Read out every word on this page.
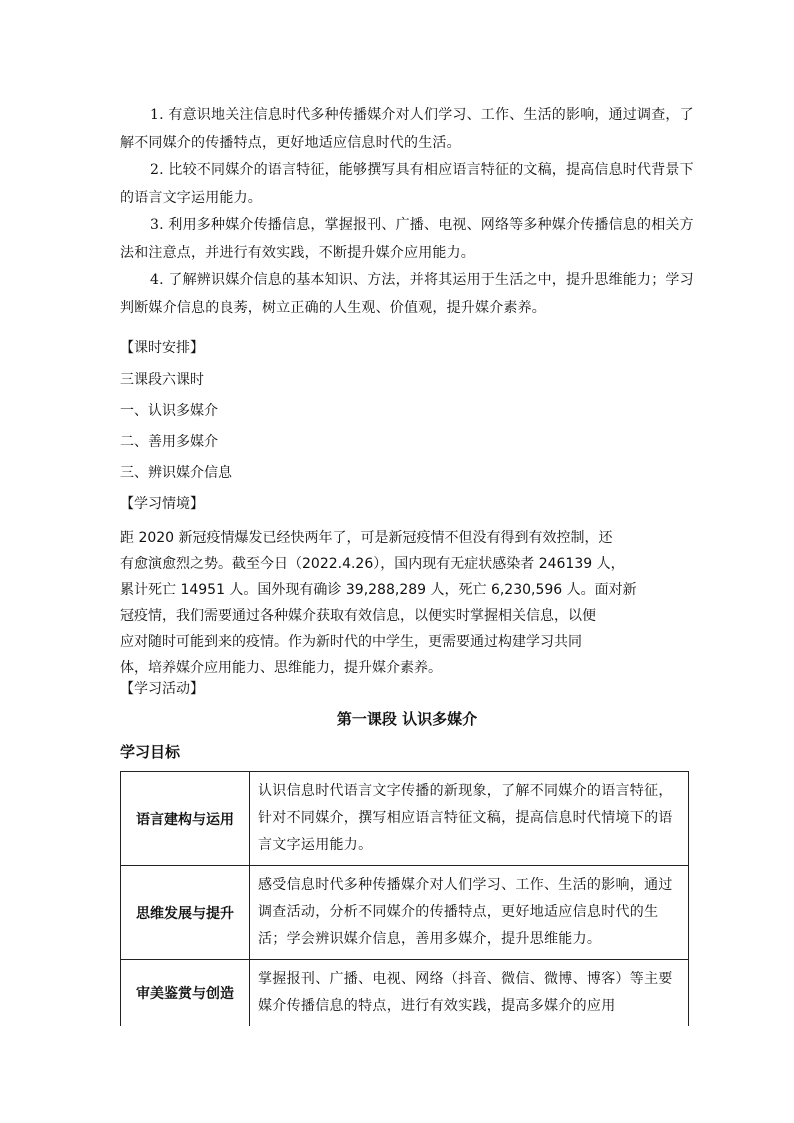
1. 有意识地关注信息时代多种传播媒介对人们学习、工作、生活的影响，通过调查，了解不同媒介的传播特点，更好地适应信息时代的生活。

2. 比较不同媒介的语言特征，能够撰写具有相应语言特征的文稿，提高信息时代背景下的语言文字运用能力。

3. 利用多种媒介传播信息，掌握报刊、广播、电视、网络等多种媒介传播信息的相关方法和注意点，并进行有效实践，不断提升媒介应用能力。

4. 了解辨识媒介信息的基本知识、方法，并将其运用于生活之中，提升思维能力；学习判断媒介信息的良莠，树立正确的人生观、价值观，提升媒介素养。

【课时安排】
三课段六课时
一、认识多媒介
二、善用多媒介
三、辨识媒介信息
【学习情境】
距 2020 新冠疫情爆发已经快两年了，可是新冠疫情不但没有得到有效控制，还
有愈演愈烈之势。截至今日（2022.4.26），国内现有无症状感染者 246139 人，
累计死亡 14951 人。国外现有确诊 39,288,289 人，死亡 6,230,596 人。面对新
冠疫情，我们需要通过各种媒介获取有效信息，以便实时掌握相关信息，以便
应对随时可能到来的疫情。作为新时代的中学生，更需要通过构建学习共同
体，培养媒介应用能力、思维能力，提升媒介素养。
【学习活动】
第一课段 认识多媒介
学习目标
语言建构与运用	认识信息时代语言文字传播的新现象，了解不同媒介的语言特征，针对不同媒介，撰写相应语言特征文稿，提高信息时代情境下的语言文字运用能力。
思维发展与提升	感受信息时代多种传播媒介对人们学习、工作、生活的影响，通过调查活动，分析不同媒介的传播特点，更好地适应信息时代的生活；学会辨识媒介信息，善用多媒介，提升思维能力。
审美鉴赏与创造	掌握报刊、广播、电视、网络（抖音、微信、微博、博客）等主要媒介传播信息的特点，进行有效实践，提高多媒介的应用
